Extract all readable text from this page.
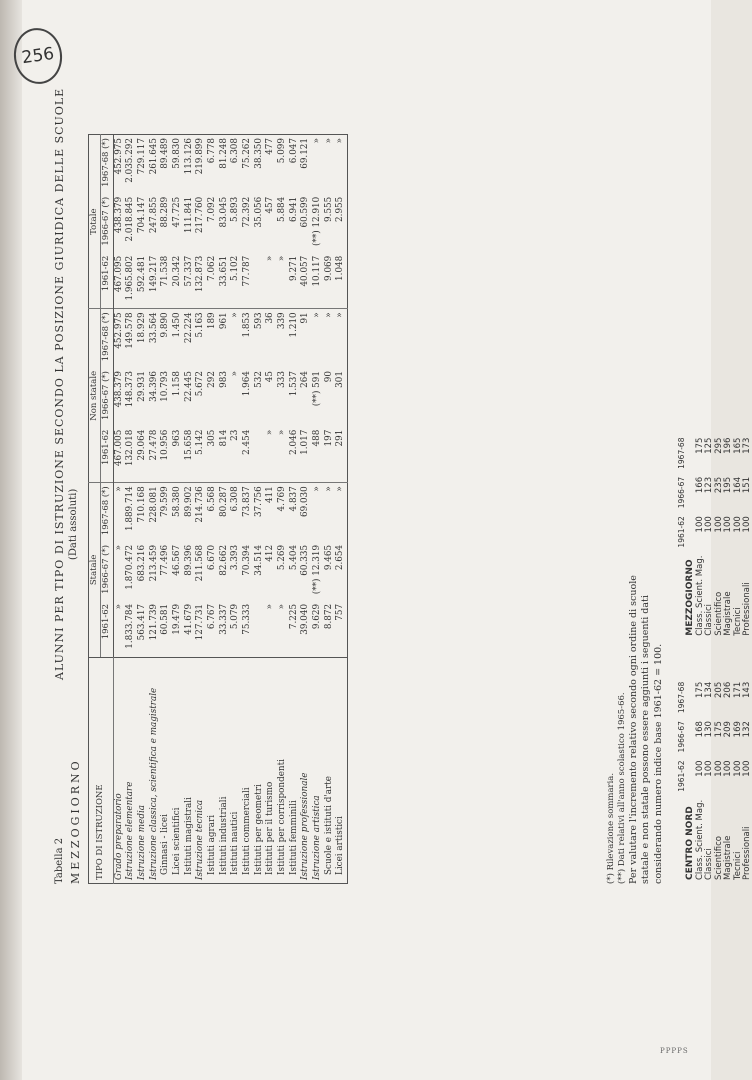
256
Tabella 2 MEZZOGIORNO
ALUNNI PER TIPO DI ISTRUZIONE SECONDO LA POSIZIONE GIURIDICA DELLE SCUOLE (Dati assoluti)
TIPO DI ISTRUZIONE	Statale			Non statale			Totale		
	1961-62	1966-67 (*)	1967-68 (*)	1961-62	1966-67 (*)	1967-68 (*)	1961-62	1966-67 (*)	1967-68 (*)
Grado preparatorio	»	»	»	467.005	438.379	452.975	467.095	438.379	452.975
Istruzione elementare	1.833.784	1.870.472	1.889.714	132.018	148.373	149.578	1.965.802	2.018.845	2.035.292
Istruzione media	563.417	683.216	710.168	29.064	29.931	18.929	592.481	704.147	729.117
Istruzione classica, scientifica e magistrale	121.739	213.459	228.081	27.478	34.396	33.564	149.217	247.855	261.645
Ginnasi - licei	60.581	77.496	79.599	10.956	10.793	9.890	71.538	88.289	89.489
Licei scientifici	19.479	46.567	58.380	963	1.158	1.450	20.342	47.725	59.830
Istituti magistrali	41.679	89.396	89.902	15.658	22.445	22.224	57.337	111.841	113.126
Istruzione tecnica	127.731	211.568	214.736	5.142	5.672	5.163	132.873	217.760	219.899
Istituti agrari	6.767	6.670	6.568	305	292	189	7.062	7.092	6.778
Istituti industriali	33.337	82.662	80.287	814	983	961	33.651	83.045	81.248
Istituti nautici	5.079	3.393	6.308	23	»	»	5.102	5.893	6.308
Istituti commerciali	75.333	70.394	73.837	2.454	1.964	1.853	77.787	72.392	75.262
Istituti per geometri		34.514	37.756		532	593		35.056	38.350
Istituti per il turismo	»	412	411	»	45	36	»	457	477
Istituti per corrispondenti	»	5.269	4.769	»	333	339	»	5.884	5.099
Istituti femminili	7.225	5.404	4.837	2.046	1.537	1.210	9.271	6.941	6.047
Istruzione professionale	39.040	60.335	69.030	1.017	264	91	40.057	60.599	69.121
Istruzione artistica	9.629	(**) 12.319	»	488	(**) 591	»	10.117	(**) 12.910	»
Scuole e istituti d'arte	8.872	9.465	»	197	90	»	9.069	9.555	»
Licei artistici	757	2.654	»	291	301	»	1.048	2.955	»
(*) Rilevazione sommaria. (**) Dati relativi all'anno scolastico 1965-66. Per valutare l'incremento relativo secondo ogni ordine di scuole statale e non statale possono essere aggiunti i seguenti dati considerando numero indice base 1961-62 = 100.
	1961-62	1966-67	1967-68			1961-62	1966-67	1967-68
CENTRO NORD					MEZZOGIORNO			
Class. Scient. Mag.	100	168	175		Class. Scient. Mag.	100	166	175
Classici	100	130	134		Classici	100	123	125
Scientifico	100	175	205		Scientifico	100	235	295
Magistrale	100	209	206		Magistrale	100	195	196
Tecnici	100	169	171		Tecnici	100	164	165
Professionali	100	132	143		Professionali	100	151	173
PPPPS
